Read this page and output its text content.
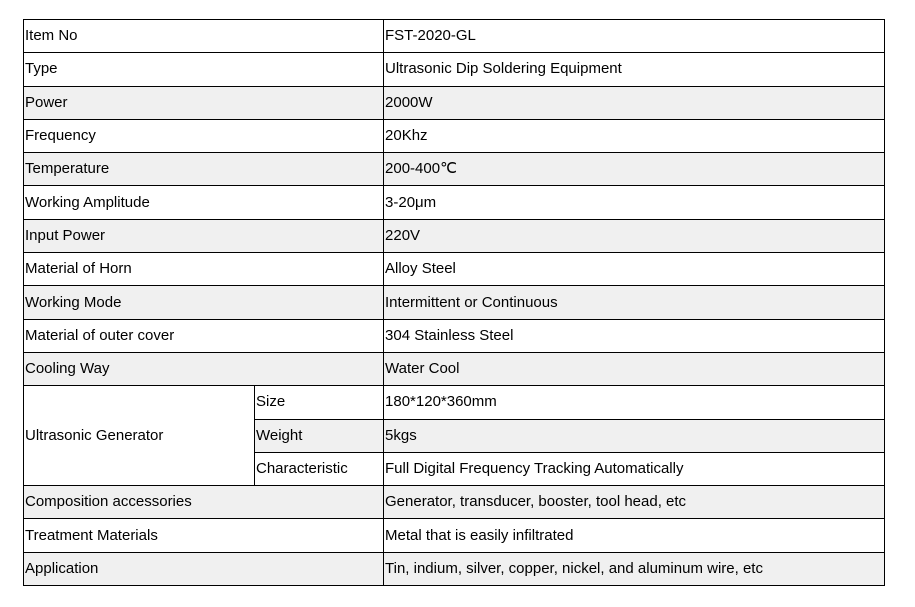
Item No		FST-2020-GL
Type		Ultrasonic Dip Soldering Equipment
Power		2000W
Frequency		20Khz
Temperature		200-400℃
Working Amplitude		3-20μm
Input Power		220V
Material of Horn		Alloy Steel
Working Mode		Intermittent or Continuous
Material of outer cover		304 Stainless Steel
Cooling Way		Water Cool
Ultrasonic Generator	Size	180*120*360mm
	Weight	5kgs
	Characteristic	Full Digital Frequency Tracking Automatically
Composition accessories		Generator, transducer, booster, tool head, etc
Treatment Materials		Metal that is easily infiltrated
Application		Tin, indium, silver, copper, nickel, and aluminum wire, etc
